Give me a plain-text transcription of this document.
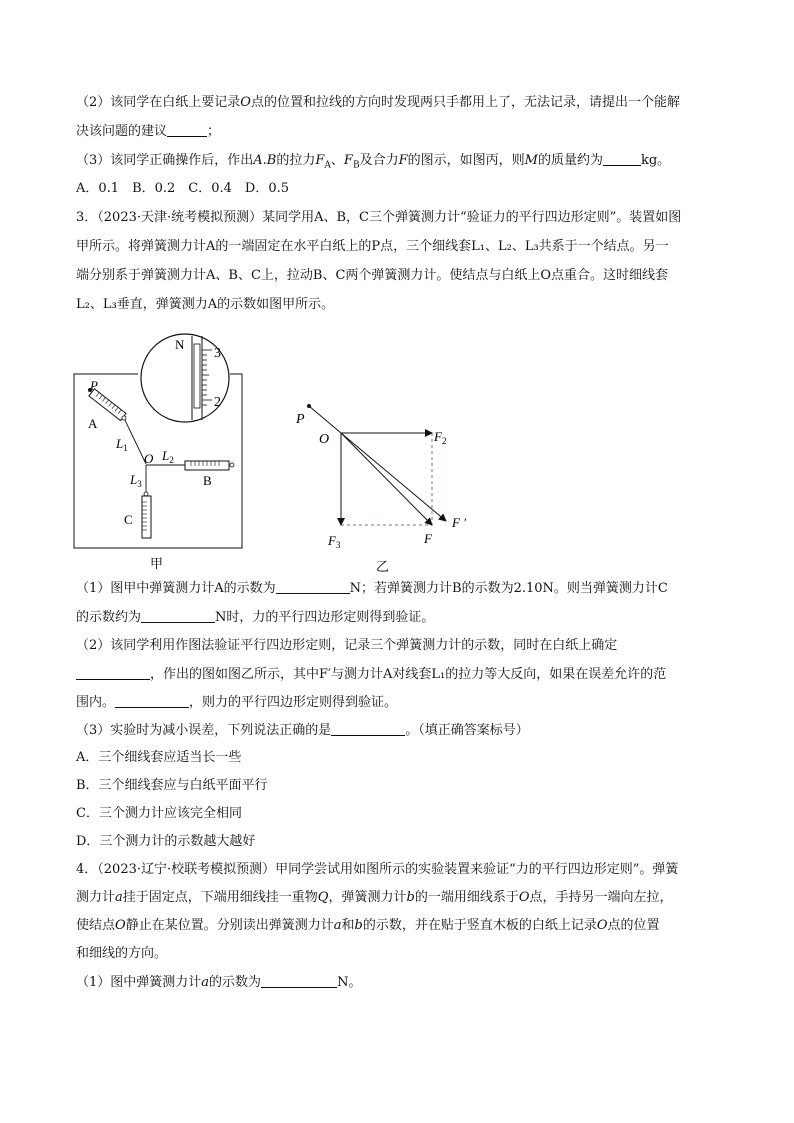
（2）该同学在白纸上要记录O点的位置和拉线的方向时发现两只手都用上了，无法记录，请提出一个能解
决该问题的建议	；
（3）该同学正确操作后，作出A.B的拉力$F_A$、$F_B$及合力F的图示，如图丙，则M的质量约为	kg。
A．0.1　B．0.2　C．0.4　D．0.5
3．（2023·天津·统考模拟预测）某同学用A、B，C三个弹簧测力计“验证力的平行四边形定则”。装置如图
甲所示。将弹簧测力计A的一端固定在水平白纸上的P点，三个细线套L₁、L₂、L₃共系于一个结点。另一
端分别系于弹簧测力计A、B、C上，拉动B、C两个弹簧测力计。使结点与白纸上O点重合。这时细线套
L₂、L₃垂直，弹簧测力A的示数如图甲所示。
N
3
2
P
A
$L_1$
O $L_2$
B
$L_3$
C
甲
P
O	$F_2$
$F_3$	F
F ′
乙
（1）图甲中弹簧测力计A的示数为	N；若弹簧测力计B的示数为2.10N。则当弹簧测力计C
的示数约为	N时，力的平行四边形定则得到验证。
（2）该同学利用作图法验证平行四边形定则，记录三个弹簧测力计的示数，同时在白纸上确定
，作出的图如图乙所示，其中F′与测力计A对线套L₁的拉力等大反向，如果在误差允许的范
围内。	，则力的平行四边形定则得到验证。
（3）实验时为减小误差，下列说法正确的是	。（填正确答案标号）
A．三个细线套应适当长一些
B．三个细线套应与白纸平面平行
C．三个测力计应该完全相同
D．三个测力计的示数越大越好
4．（2023·辽宁·校联考模拟预测）甲同学尝试用如图所示的实验装置来验证“力的平行四边形定则”。弹簧
测力计a挂于固定点，下端用细线挂一重物Q，弹簧测力计b的一端用细线系于O点，手持另一端向左拉，
使结点O静止在某位置。分别读出弹簧测力计a和b的示数，并在贴于竖直木板的白纸上记录O点的位置
和细线的方向。
（1）图中弹簧测力计a的示数为	N。
